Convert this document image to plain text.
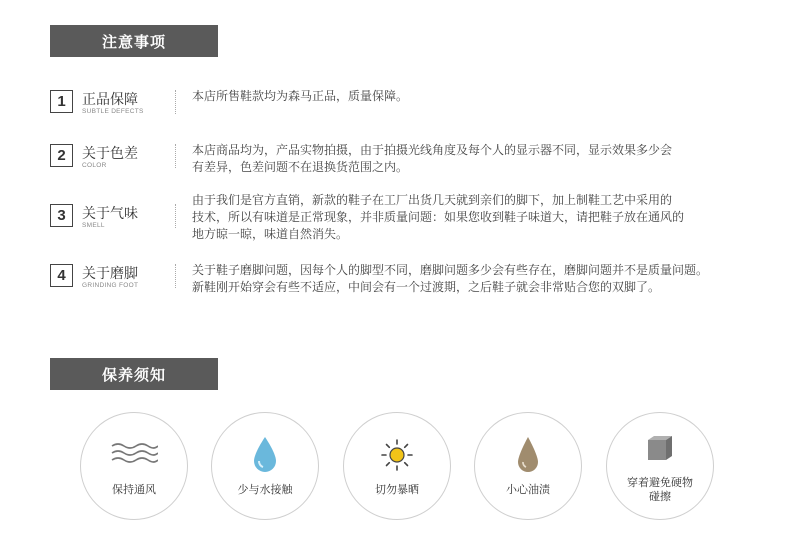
注意事项
1	正品保障
SUBTLE DEFECTS
本店所售鞋款均为森马正品，质量保障。
2	关于色差
COLOR
本店商品均为，产品实物拍摄，由于拍摄光线角度及每个人的显示器不同，显示效果多少会
有差异，色差问题不在退换货范围之内。
3	关于气味
SMELL
由于我们是官方直销，新款的鞋子在工厂出货几天就到亲们的脚下，加上制鞋工艺中采用的
技术，所以有味道是正常现象，并非质量问题：如果您收到鞋子味道大，请把鞋子放在通风的
地方晾一晾，味道自然消失。
4	关于磨脚
GRINDING FOOT
关于鞋子磨脚问题，因每个人的脚型不同，磨脚问题多少会有些存在，磨脚问题并不是质量问题。
新鞋刚开始穿会有些不适应，中间会有一个过渡期，之后鞋子就会非常贴合您的双脚了。
保养须知
保持通风	少与水接触	切勿暴晒	小心油渍
穿着避免硬物碰擦
